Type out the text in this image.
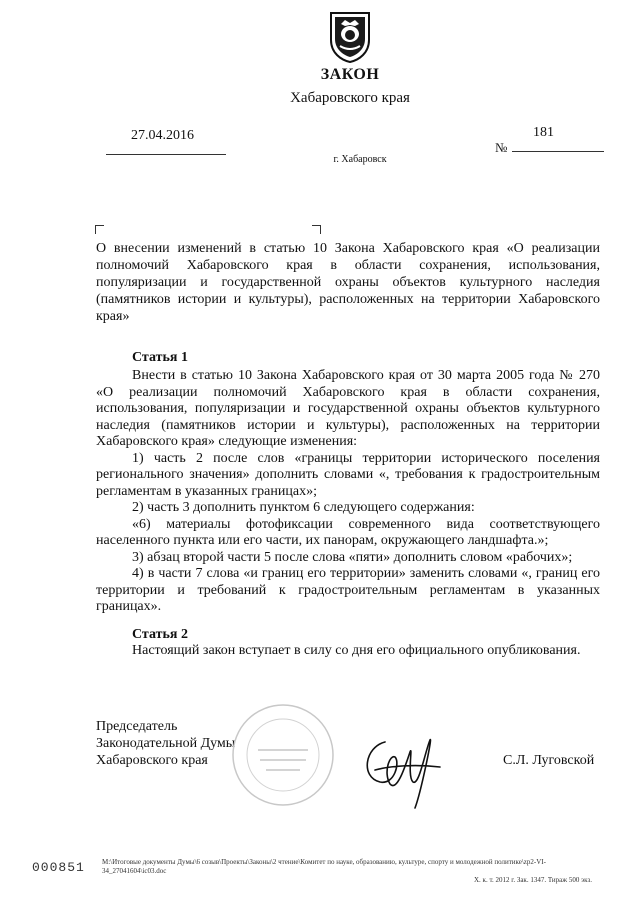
ЗАКОН
Хабаровского края
27.04.2016	181
№
г. Хабаровск
О внесении изменений в статью 10 Закона Хабаровского края «О реализации полномочий Хабаровского края в области сохранения, использования, популяризации и государственной охраны объектов культурного наследия (памятников истории и культуры), расположенных на территории Хабаровского края»
Статья 1

Внести в статью 10 Закона Хабаровского края от 30 марта 2005 года № 270 «О реализации полномочий Хабаровского края в области сохранения, использования, популяризации и государственной охраны объектов культурного наследия (памятников истории и культуры), расположенных на территории Хабаровского края» следующие изменения:

1) часть 2 после слов «границы территории исторического поселения регионального значения» дополнить словами «, требования к градостроительным регламентам в указанных границах»;

2) часть 3 дополнить пунктом 6 следующего содержания:

«6) материалы фотофиксации современного вида соответствующего населенного пункта или его части, их панорам, окружающего ландшафта.»;

3) абзац второй части 5 после слова «пяти» дополнить словом «рабочих»;

4) в части 7 слова «и границ его территории» заменить словами «, границ его территории и требований к градостроительным регламентам в указанных границах».

Статья 2
Настоящий закон вступает в силу со дня его официального опубликования.
Председатель
Законодательной Думы
Хабаровского края	С.Л. Луговской
000851 М:\Итоговые документы Думы\6 созыв\Проекты\Законы\2 чтение\Комитет по науке, образованию, культуре, спорту и молодежной политике\zp2-VI-34_27041604\ic03.doc
Х. к. т. 2012 г. Зак. 1347. Тираж 500 экз.
